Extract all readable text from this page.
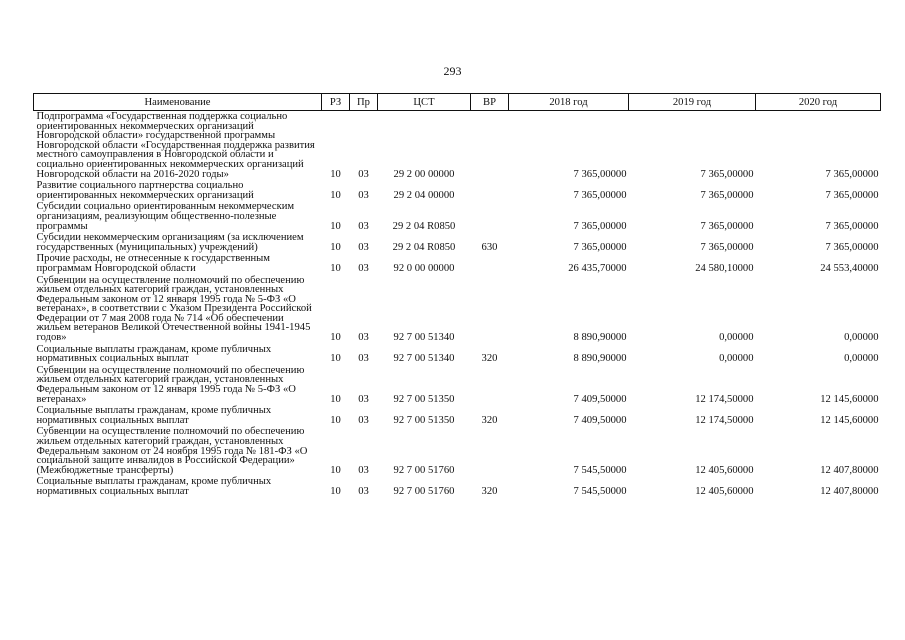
293
Наименование	РЗ	Пр	ЦСТ	ВР	2018 год	2019 год	2020 год
Подпрограмма «Государственная поддержка социально ориентированных некоммерческих организаций Новгородской области» государственной программы Новгородской области «Государственная поддержка развития местного самоуправления в Новгородской области и социально ориентированных некоммерческих организаций Новгородской области на 2016-2020 годы»	10	03	29 2 00 00000		7 365,00000	7 365,00000	7 365,00000
Развитие социального партнерства социально ориентированных некоммерческих организаций	10	03	29 2 04 00000		7 365,00000	7 365,00000	7 365,00000
Субсидии социально ориентированным некоммерческим организациям, реализующим общественно-полезные программы	10	03	29 2 04 R0850		7 365,00000	7 365,00000	7 365,00000
Субсидии некоммерческим организациям (за исключением государственных (муниципальных) учреждений)	10	03	29 2 04 R0850	630	7 365,00000	7 365,00000	7 365,00000
Прочие расходы, не отнесенные к государственным программам Новгородской области	10	03	92 0 00 00000		26 435,70000	24 580,10000	24 553,40000
Субвенции на осуществление полномочий по обеспечению жильем отдельных категорий граждан, установленных Федеральным законом от 12 января 1995 года № 5-ФЗ «О ветеранах», в соответствии с Указом Президента Российской Федерации от 7 мая 2008 года № 714 «Об обеспечении жильем ветеранов Великой Отечественной войны 1941-1945 годов»	10	03	92 7 00 51340		8 890,90000	0,00000	0,00000
Социальные выплаты гражданам, кроме публичных нормативных социальных выплат	10	03	92 7 00 51340	320	8 890,90000	0,00000	0,00000
Субвенции на осуществление полномочий по обеспечению жильем отдельных категорий граждан, установленных Федеральным законом от 12 января 1995 года № 5-ФЗ «О ветеранах»	10	03	92 7 00 51350		7 409,50000	12 174,50000	12 145,60000
Социальные выплаты гражданам, кроме публичных нормативных социальных выплат	10	03	92 7 00 51350	320	7 409,50000	12 174,50000	12 145,60000
Субвенции на осуществление полномочий по обеспечению жильем отдельных категорий граждан, установленных Федеральным законом от 24 ноября 1995 года № 181-ФЗ «О социальной защите инвалидов в Российской Федерации» (Межбюджетные трансферты)	10	03	92 7 00 51760		7 545,50000	12 405,60000	12 407,80000
Социальные выплаты гражданам, кроме публичных нормативных социальных выплат	10	03	92 7 00 51760	320	7 545,50000	12 405,60000	12 407,80000
